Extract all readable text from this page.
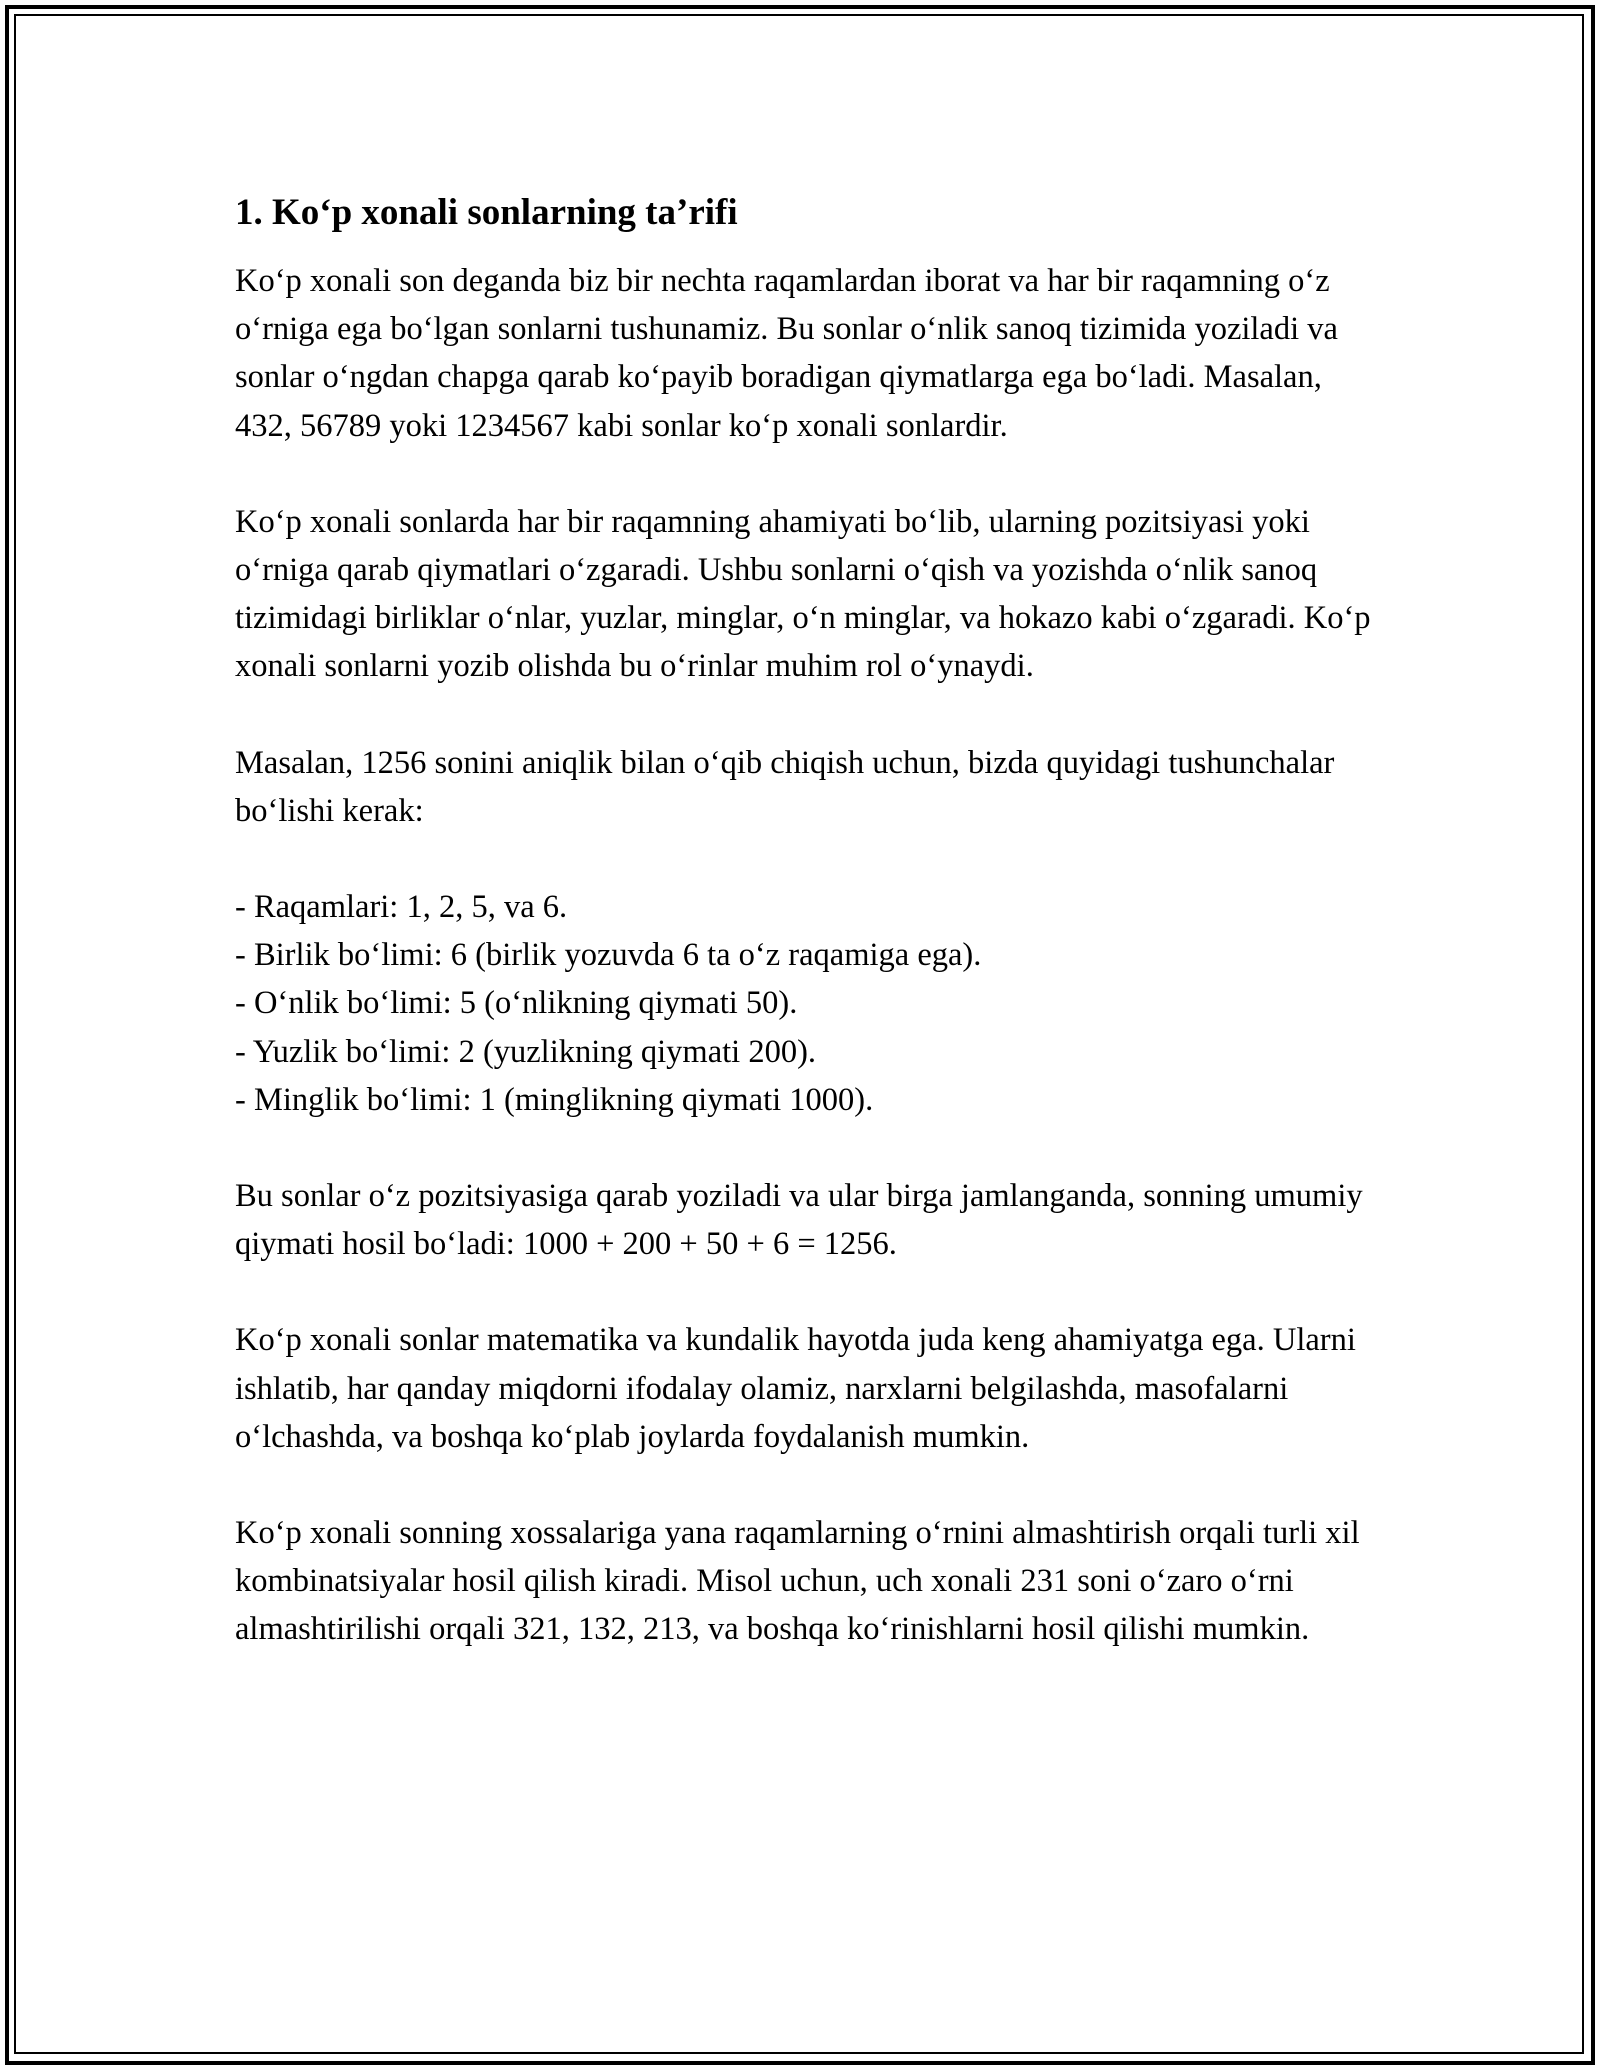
1. Ko‘p xonali sonlarning ta’rifi

Ko‘p xonali son deganda biz bir nechta raqamlardan iborat va har bir raqamning o‘z o‘rniga ega bo‘lgan sonlarni tushunamiz. Bu sonlar o‘nlik sanoq tizimida yoziladi va sonlar o‘ngdan chapga qarab ko‘payib boradigan qiymatlarga ega bo‘ladi. Masalan, 432, 56789 yoki 1234567 kabi sonlar ko‘p xonali sonlardir.

Ko‘p xonali sonlarda har bir raqamning ahamiyati bo‘lib, ularning pozitsiyasi yoki o‘rniga qarab qiymatlari o‘zgaradi. Ushbu sonlarni o‘qish va yozishda o‘nlik sanoq tizimidagi birliklar o‘nlar, yuzlar, minglar, o‘n minglar, va hokazo kabi o‘zgaradi. Ko‘p xonali sonlarni yozib olishda bu o‘rinlar muhim rol o‘ynaydi.

Masalan, 1256 sonini aniqlik bilan o‘qib chiqish uchun, bizda quyidagi tushunchalar bo‘lishi kerak:

- Raqamlari: 1, 2, 5, va 6.
- Birlik bo‘limi: 6 (birlik yozuvda 6 ta o‘z raqamiga ega).
- O‘nlik bo‘limi: 5 (o‘nlikning qiymati 50).
- Yuzlik bo‘limi: 2 (yuzlikning qiymati 200).
- Minglik bo‘limi: 1 (minglikning qiymati 1000).

Bu sonlar o‘z pozitsiyasiga qarab yoziladi va ular birga jamlanganda, sonning umumiy qiymati hosil bo‘ladi: 1000 + 200 + 50 + 6 = 1256.

Ko‘p xonali sonlar matematika va kundalik hayotda juda keng ahamiyatga ega. Ularni ishlatib, har qanday miqdorni ifodalay olamiz, narxlarni belgilashda, masofalarni o‘lchashda, va boshqa ko‘plab joylarda foydalanish mumkin.

Ko‘p xonali sonning xossalariga yana raqamlarning o‘rnini almashtirish orqali turli xil kombinatsiyalar hosil qilish kiradi. Misol uchun, uch xonali 231 soni o‘zaro o‘rni almashtirilishi orqali 321, 132, 213, va boshqa ko‘rinishlarni hosil qilishi mumkin.
